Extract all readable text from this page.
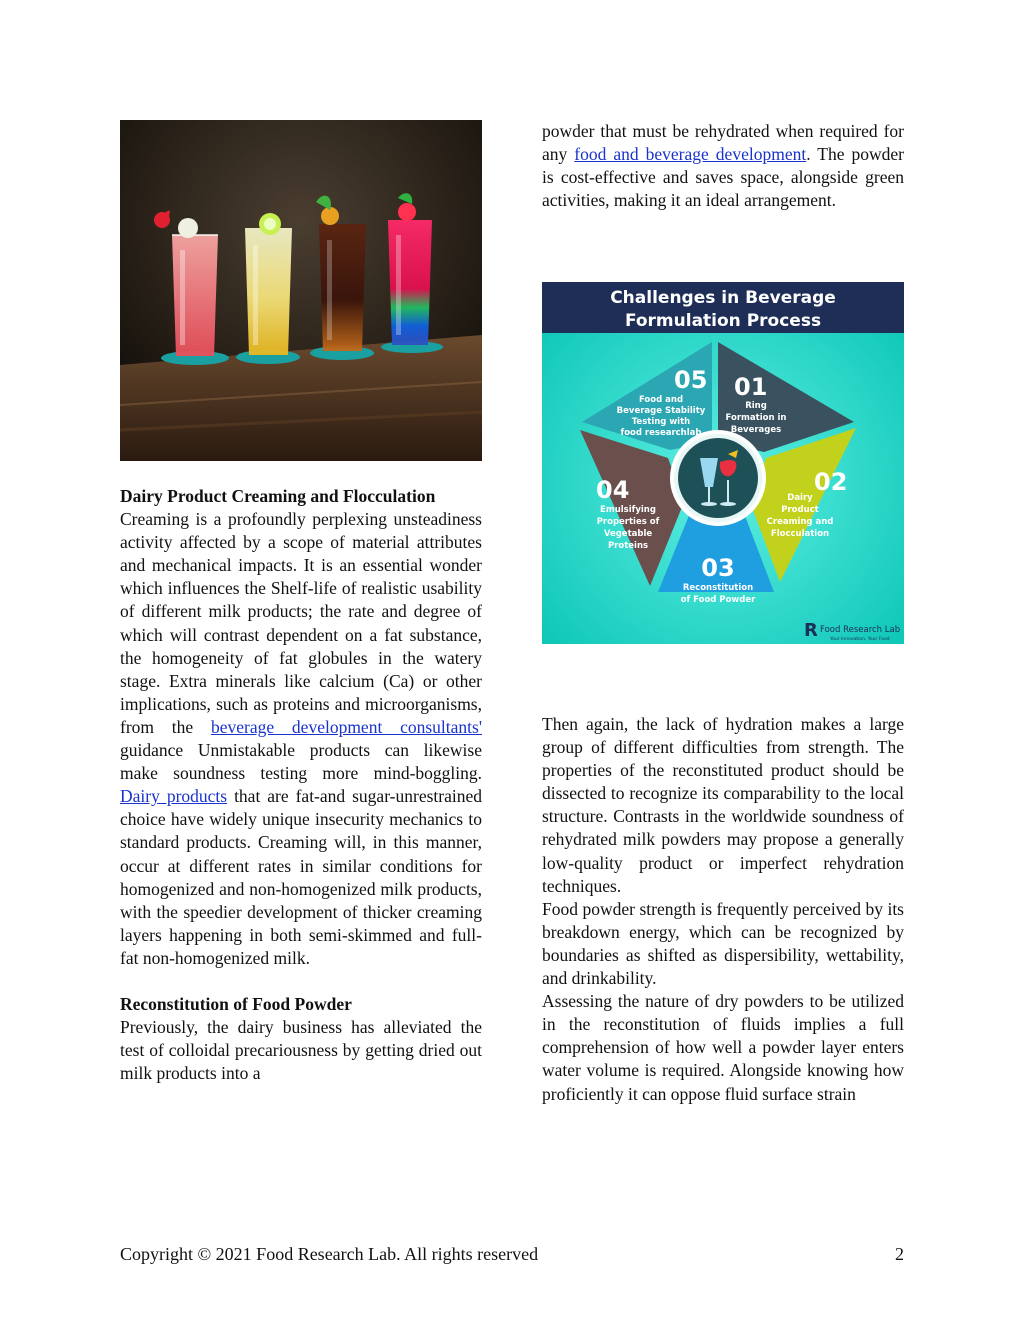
Dairy Product Creaming and Flocculation

Creaming is a profoundly perplexing unsteadiness activity affected by a scope of material attributes and mechanical impacts. It is an essential wonder which influences the Shelf-life of realistic usability of different milk products; the rate and degree of which will contrast dependent on a fat substance, the homogeneity of fat globules in the watery stage. Extra minerals like calcium (Ca) or other implications, such as proteins and microorganisms, from the beverage development consultants' guidance Unmistakable products can likewise make soundness testing more mind-boggling. Dairy products that are fat-and sugar-unrestrained choice have widely unique insecurity mechanics to standard products. Creaming will, in this manner, occur at different rates in similar conditions for homogenized and non-homogenized milk products, with the speedier development of thicker creaming layers happening in both semi-skimmed and full-fat non-homogenized milk.

Reconstitution of Food Powder

Previously, the dairy business has alleviated the test of colloidal precariousness by getting dried out milk products into a

powder that must be rehydrated when required for any food and beverage development. The powder is cost-effective and saves space, alongside green activities, making it an ideal arrangement.

Challenges in Beverage
Formulation Process
01
Ring
Formation in
Beverages
02
Dairy
Product
Creaming and
Flocculation
03
Reconstitution
of Food Powder
04
Emulsifying
Properties of
Vegetable
Proteins
05
Food and
Beverage Stability
Testing with
food researchlab
R Food Research Lab
Your Innovation, Your Food

Then again, the lack of hydration makes a large group of different difficulties from strength. The properties of the reconstituted product should be dissected to recognize its comparability to the local structure. Contrasts in the worldwide soundness of rehydrated milk powders may propose a generally low-quality product or imperfect rehydration techniques.

Food powder strength is frequently perceived by its breakdown energy, which can be recognized by boundaries as shifted as dispersibility, wettability, and drinkability.

Assessing the nature of dry powders to be utilized in the reconstitution of fluids implies a full comprehension of how well a powder layer enters water volume is required. Alongside knowing how proficiently it can oppose fluid surface strain

Copyright © 2021 Food Research Lab. All rights reserved	2
